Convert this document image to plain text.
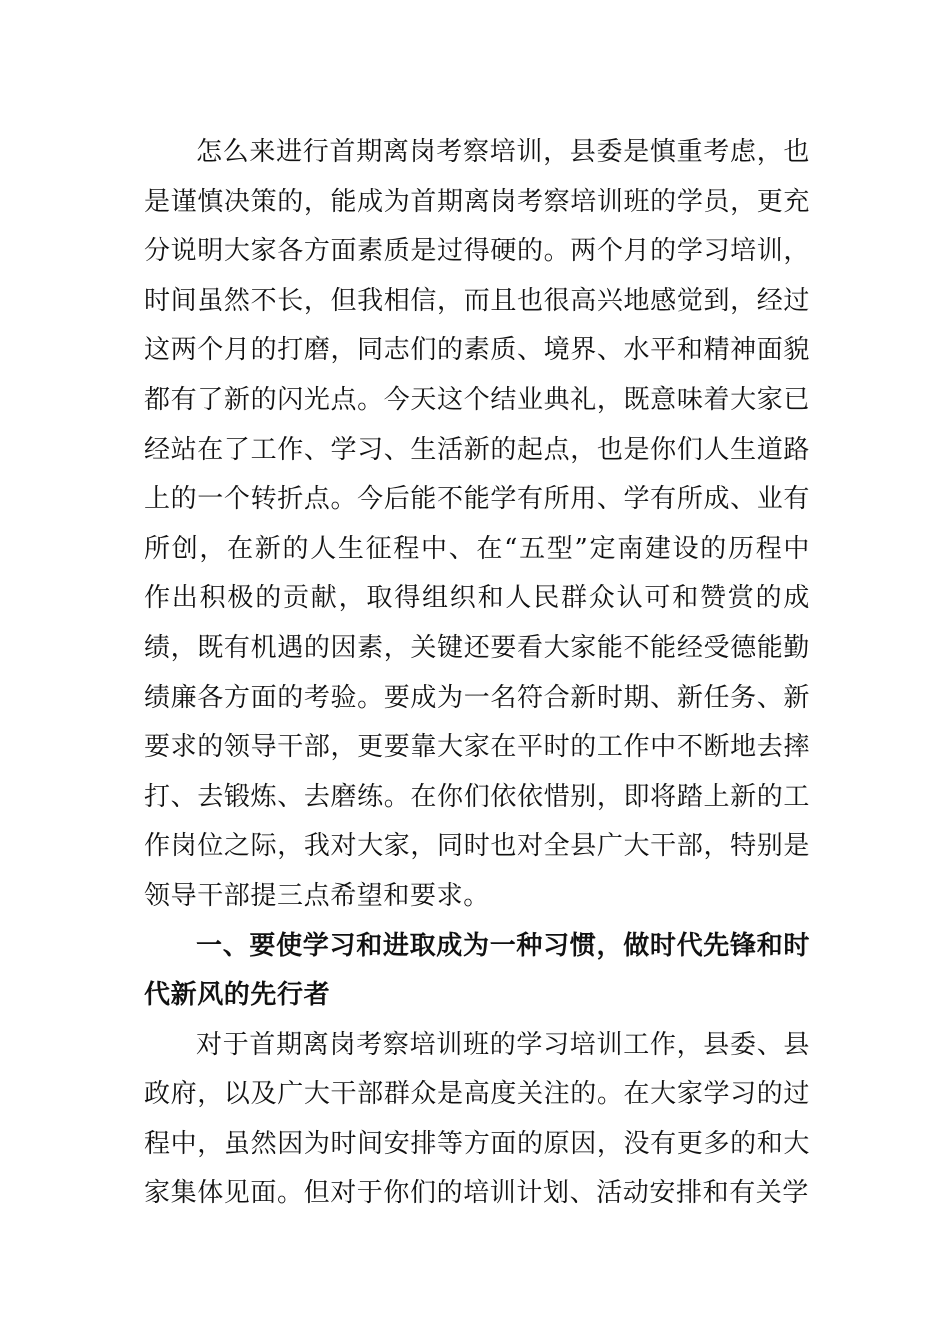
怎么来进行首期离岗考察培训，县委是慎重考虑，也是谨慎决策的，能成为首期离岗考察培训班的学员，更充分说明大家各方面素质是过得硬的。两个月的学习培训，时间虽然不长，但我相信，而且也很高兴地感觉到，经过这两个月的打磨，同志们的素质、境界、水平和精神面貌都有了新的闪光点。今天这个结业典礼，既意味着大家已经站在了工作、学习、生活新的起点，也是你们人生道路上的一个转折点。今后能不能学有所用、学有所成、业有所创，在新的人生征程中、在“五型”定南建设的历程中作出积极的贡献，取得组织和人民群众认可和赞赏的成绩，既有机遇的因素，关键还要看大家能不能经受德能勤绩廉各方面的考验。要成为一名符合新时期、新任务、新要求的领导干部，更要靠大家在平时的工作中不断地去摔打、去锻炼、去磨练。在你们依依惜别，即将踏上新的工作岗位之际，我对大家，同时也对全县广大干部，特别是领导干部提三点希望和要求。

一、要使学习和进取成为一种习惯，做时代先锋和时代新风的先行者

对于首期离岗考察培训班的学习培训工作，县委、县政府，以及广大干部群众是高度关注的。在大家学习的过程中，虽然因为时间安排等方面的原因，没有更多的和大家集体见面。但对于你们的培训计划、活动安排和有关学
